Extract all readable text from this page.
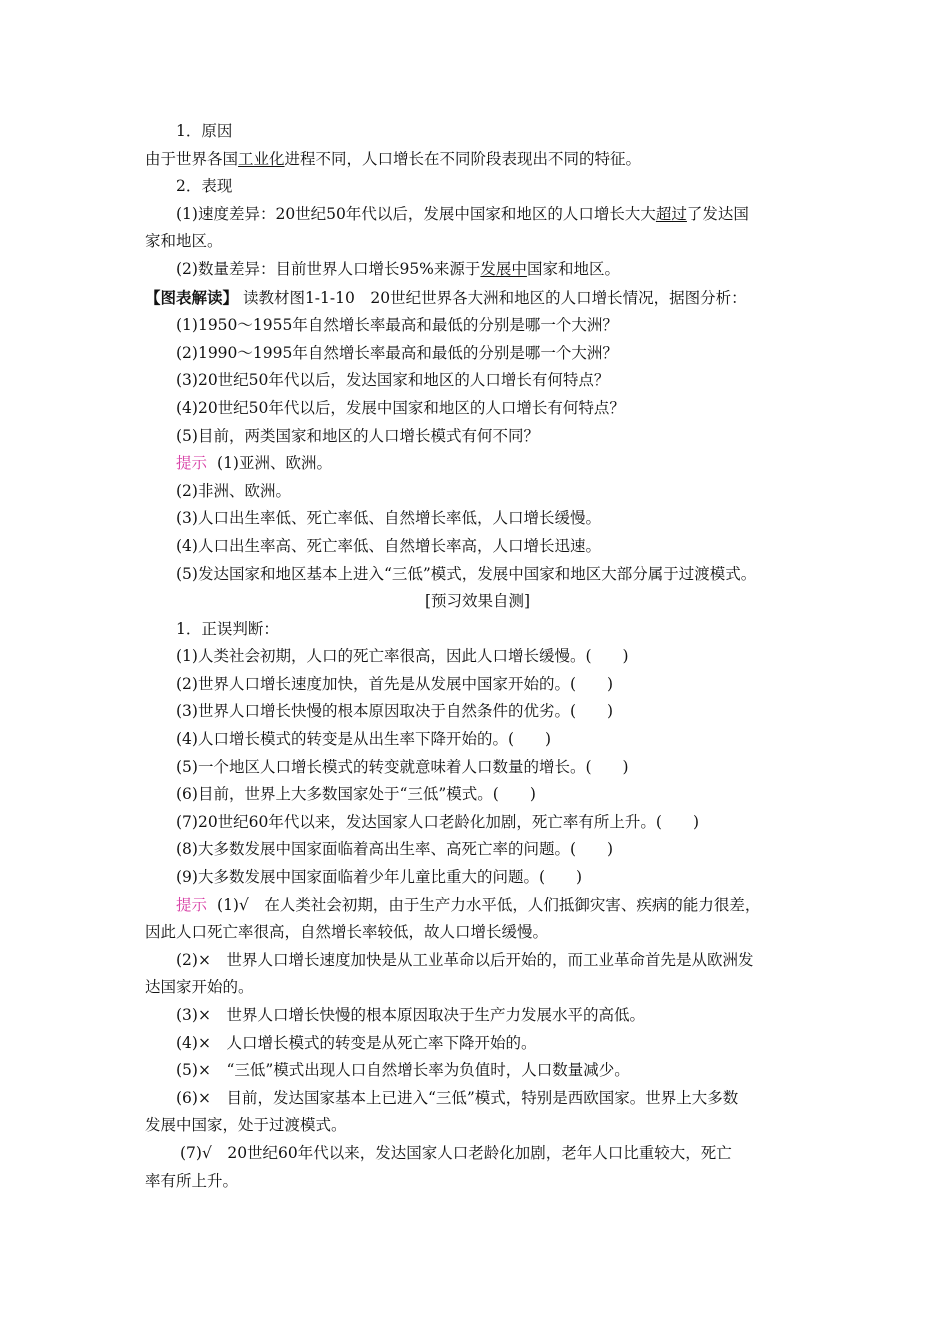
1．原因
由于世界各国工业化进程不同，人口增长在不同阶段表现出不同的特征。
2．表现
(1)速度差异：20世纪50年代以后，发展中国家和地区的人口增长大大超过了发达国
家和地区。
(2)数量差异：目前世界人口增长95%来源于发展中国家和地区。
【图表解读】 读教材图1-1-10　20世纪世界各大洲和地区的人口增长情况，据图分析：
(1)1950～1955年自然增长率最高和最低的分别是哪一个大洲？
(2)1990～1995年自然增长率最高和最低的分别是哪一个大洲？
(3)20世纪50年代以后，发达国家和地区的人口增长有何特点？
(4)20世纪50年代以后，发展中国家和地区的人口增长有何特点？
(5)目前，两类国家和地区的人口增长模式有何不同？
提示 (1)亚洲、欧洲。
(2)非洲、欧洲。
(3)人口出生率低、死亡率低、自然增长率低，人口增长缓慢。
(4)人口出生率高、死亡率低、自然增长率高，人口增长迅速。
(5)发达国家和地区基本上进入“三低”模式，发展中国家和地区大部分属于过渡模式。
[预习效果自测]
1．正误判断：
(1)人类社会初期，人口的死亡率很高，因此人口增长缓慢。(　　)
(2)世界人口增长速度加快，首先是从发展中国家开始的。(　　)
(3)世界人口增长快慢的根本原因取决于自然条件的优劣。(　　)
(4)人口增长模式的转变是从出生率下降开始的。(　　)
(5)一个地区人口增长模式的转变就意味着人口数量的增长。(　　)
(6)目前，世界上大多数国家处于“三低”模式。(　　)
(7)20世纪60年代以来，发达国家人口老龄化加剧，死亡率有所上升。(　　)
(8)大多数发展中国家面临着高出生率、高死亡率的问题。(　　)
(9)大多数发展中国家面临着少年儿童比重大的问题。(　　)
提示 (1)√　在人类社会初期，由于生产力水平低，人们抵御灾害、疾病的能力很差，
因此人口死亡率很高，自然增长率较低，故人口增长缓慢。
(2)×　世界人口增长速度加快是从工业革命以后开始的，而工业革命首先是从欧洲发
达国家开始的。
(3)×　世界人口增长快慢的根本原因取决于生产力发展水平的高低。
(4)×　人口增长模式的转变是从死亡率下降开始的。
(5)×　“三低”模式出现人口自然增长率为负值时，人口数量减少。
(6)×　目前，发达国家基本上已进入“三低”模式，特别是西欧国家。世界上大多数
发展中国家，处于过渡模式。
(7)√　20世纪60年代以来，发达国家人口老龄化加剧，老年人口比重较大，死亡
率有所上升。
